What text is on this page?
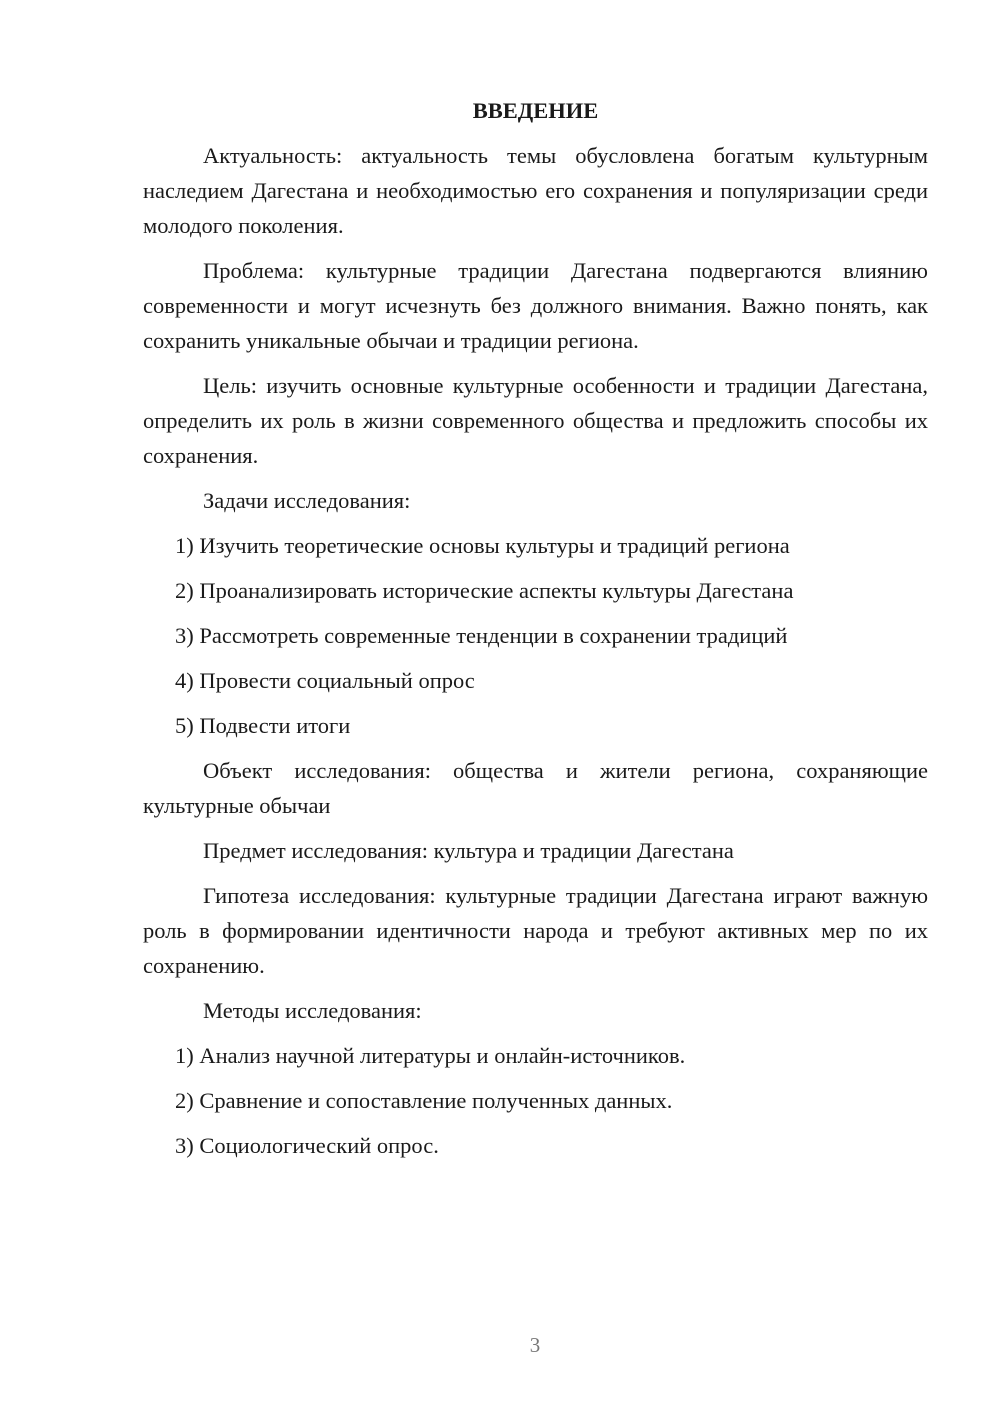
ВВЕДЕНИЕ

Актуальность: актуальность темы обусловлена богатым культурным наследием Дагестана и необходимостью его сохранения и популяризации среди молодого поколения.

Проблема: культурные традиции Дагестана подвергаются влиянию современности и могут исчезнуть без должного внимания. Важно понять, как сохранить уникальные обычаи и традиции региона.

Цель: изучить основные культурные особенности и традиции Дагестана, определить их роль в жизни современного общества и предложить способы их сохранения.

Задачи исследования:

1) Изучить теоретические основы культуры и традиций региона
2) Проанализировать исторические аспекты культуры Дагестана
3) Рассмотреть современные тенденции в сохранении традиций
4) Провести социальный опрос
5) Подвести итоги

Объект исследования: общества и жители региона, сохраняющие культурные обычаи

Предмет исследования: культура и традиции Дагестана

Гипотеза исследования: культурные традиции Дагестана играют важную роль в формировании идентичности народа и требуют активных мер по их сохранению.

Методы исследования:

1) Анализ научной литературы и онлайн-источников.
2) Сравнение и сопоставление полученных данных.
3) Социологический опрос.
3
